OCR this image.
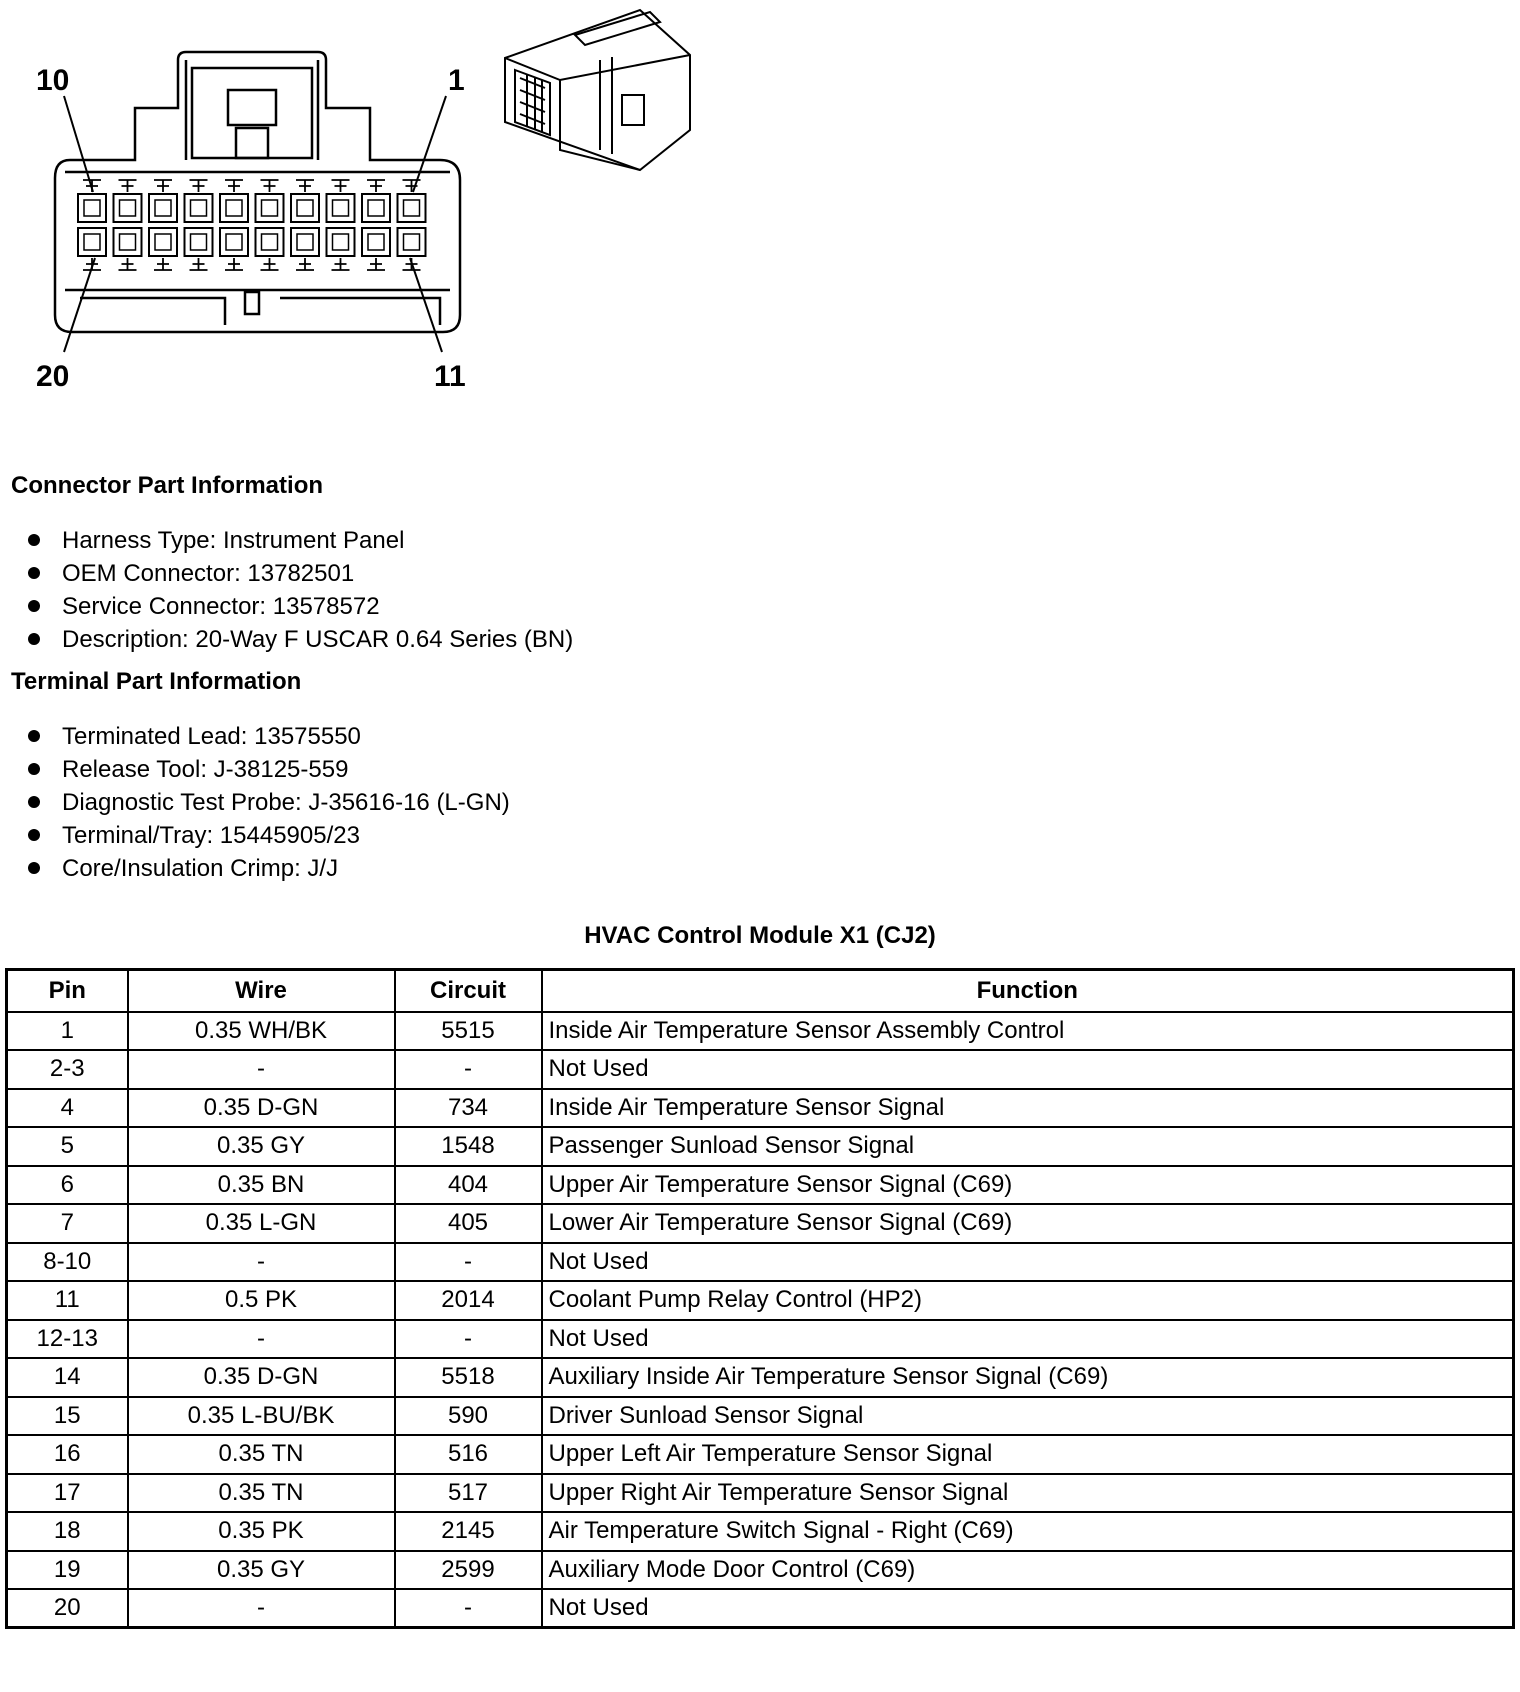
10	1
20	11
Connector Part Information
Harness Type: Instrument Panel
OEM Connector: 13782501
Service Connector: 13578572
Description: 20-Way F USCAR 0.64 Series (BN)
Terminal Part Information
Terminated Lead: 13575550
Release Tool: J-38125-559
Diagnostic Test Probe: J-35616-16 (L-GN)
Terminal/Tray: 15445905/23
Core/Insulation Crimp: J/J
HVAC Control Module X1 (CJ2)
Pin	Wire	Circuit	Function
1	0.35 WH/BK	5515	Inside Air Temperature Sensor Assembly Control
2-3	-	-	Not Used
4	0.35 D-GN	734	Inside Air Temperature Sensor Signal
5	0.35 GY	1548	Passenger Sunload Sensor Signal
6	0.35 BN	404	Upper Air Temperature Sensor Signal (C69)
7	0.35 L-GN	405	Lower Air Temperature Sensor Signal (C69)
8-10	-	-	Not Used
11	0.5 PK	2014	Coolant Pump Relay Control (HP2)
12-13	-	-	Not Used
14	0.35 D-GN	5518	Auxiliary Inside Air Temperature Sensor Signal (C69)
15	0.35 L-BU/BK	590	Driver Sunload Sensor Signal
16	0.35 TN	516	Upper Left Air Temperature Sensor Signal
17	0.35 TN	517	Upper Right Air Temperature Sensor Signal
18	0.35 PK	2145	Air Temperature Switch Signal - Right (C69)
19	0.35 GY	2599	Auxiliary Mode Door Control (C69)
20	-	-	Not Used
